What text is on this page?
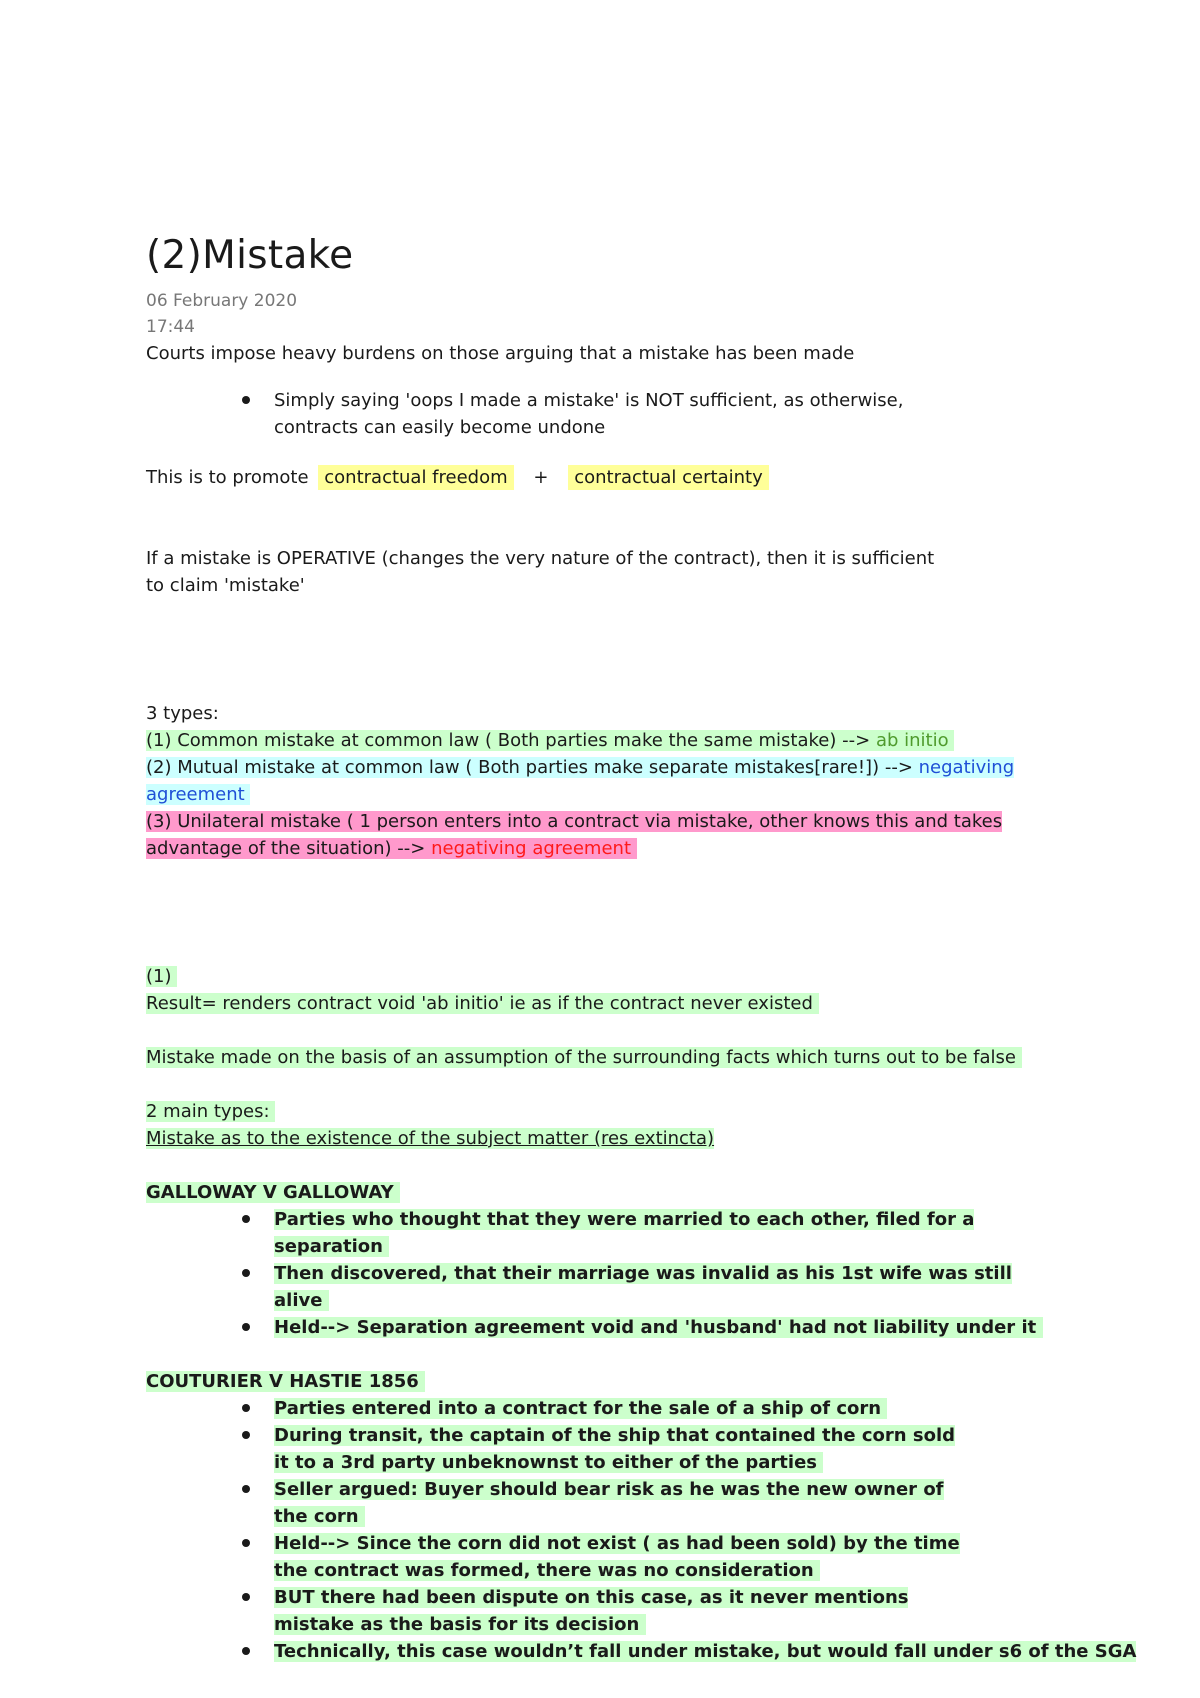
(2)Mistake
06 February 2020
17:44
Courts impose heavy burdens on those arguing that a mistake has been made
Simply saying 'oops I made a mistake' is NOT sufficient, as otherwise, contracts can easily become undone
This is to promote contractual freedom + contractual certainty
If a mistake is OPERATIVE (changes the very nature of the contract), then it is sufficient to claim 'mistake'
3 types:
(1) Common mistake at common law ( Both parties make the same mistake) --> ab initio
(2) Mutual mistake at common law ( Both parties make separate mistakes[rare!]) --> negativing agreement
(3) Unilateral mistake ( 1 person enters into a contract via mistake, other knows this and takes advantage of the situation) --> negativing agreement
(1)
Result= renders contract void 'ab initio' ie as if the contract never existed
Mistake made on the basis of an assumption of the surrounding facts which turns out to be false
2 main types:
Mistake as to the existence of the subject matter (res extincta)
GALLOWAY V GALLOWAY
Parties who thought that they were married to each other, filed for a separation
Then discovered, that their marriage was invalid as his 1st wife was still alive
Held--> Separation agreement void and 'husband' had not liability under it
COUTURIER V HASTIE 1856
Parties entered into a contract for the sale of a ship of corn
During transit, the captain of the ship that contained the corn sold it to a 3rd party unbeknownst to either of the parties
Seller argued: Buyer should bear risk as he was the new owner of the corn
Held--> Since the corn did not exist ( as had been sold) by the time the contract was formed, there was no consideration
BUT there had been dispute on this case, as it never mentions mistake as the basis for its decision
Technically, this case wouldn’t fall under mistake, but would fall under s6 of the SGA
